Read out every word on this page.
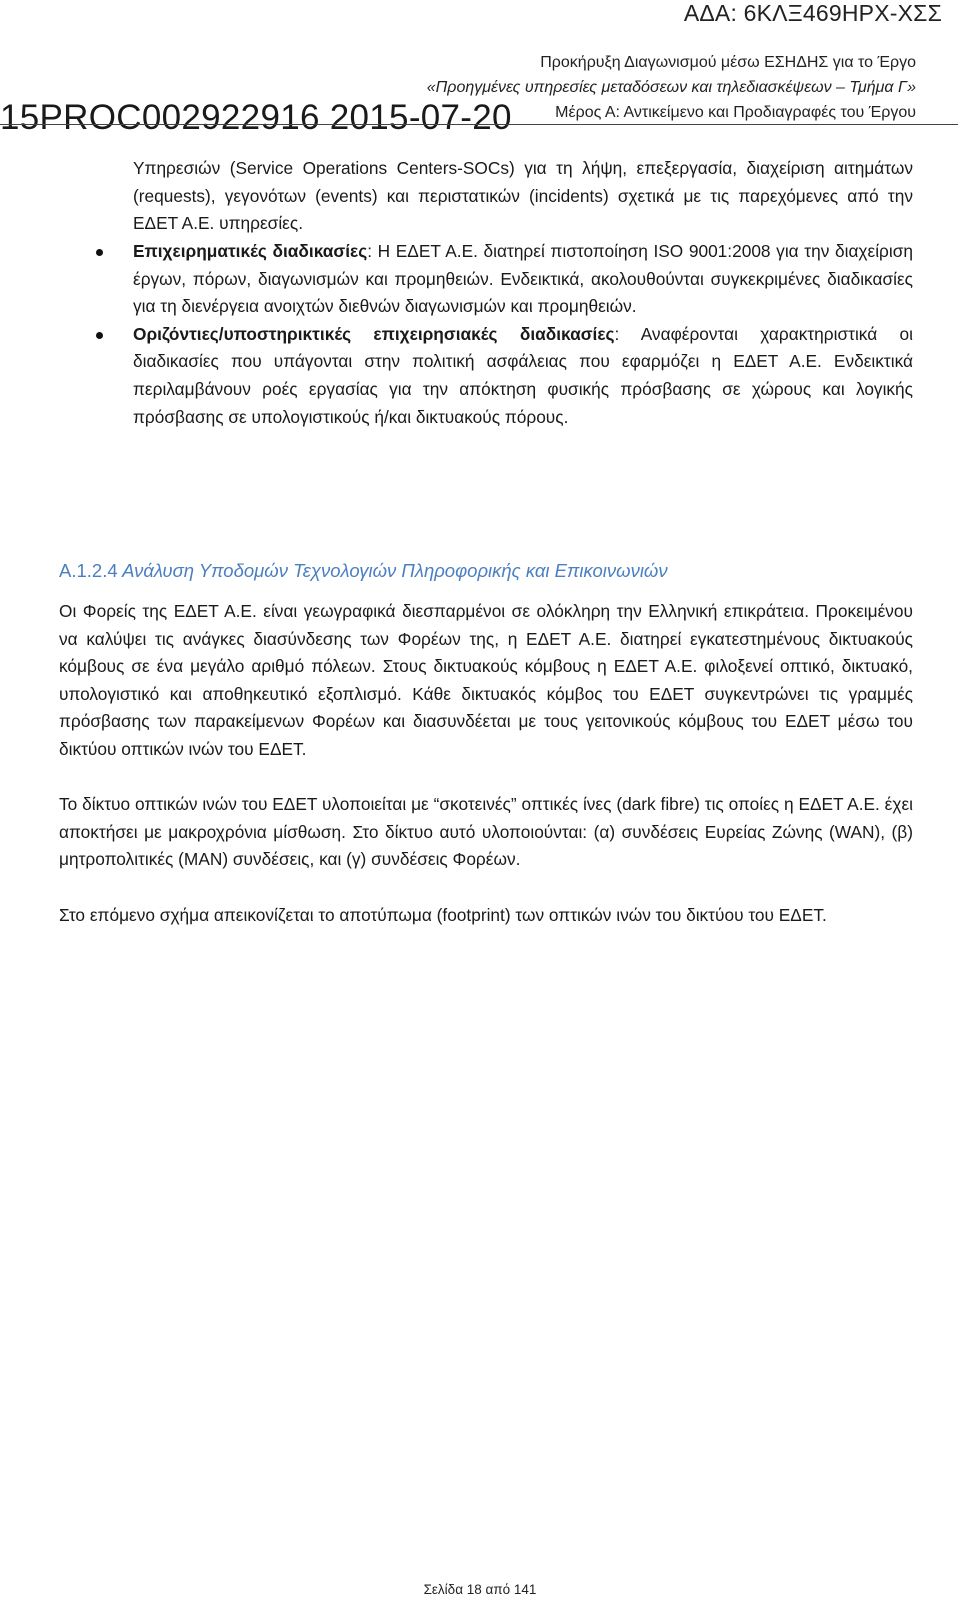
ΑΔΑ: 6ΚΛΞ469ΗΡΧ-ΧΣΣ
Προκήρυξη Διαγωνισμού μέσω ΕΣΗΔΗΣ για το Έργο
«Προηγμένες υπηρεσίες μεταδόσεων και τηλεδιασκέψεων – Τμήμα Γ»
Μέρος Α: Αντικείμενο και Προδιαγραφές του Έργου
15PROC002922916 2015-07-20
Υπηρεσιών (Service Operations Centers-SOCs) για τη λήψη, επεξεργασία, διαχείριση αιτημάτων (requests), γεγονότων (events) και περιστατικών (incidents) σχετικά με τις παρεχόμενες από την ΕΔΕΤ Α.Ε. υπηρεσίες.
Επιχειρηματικές διαδικασίες: Η ΕΔΕΤ Α.Ε. διατηρεί πιστοποίηση ISO 9001:2008 για την διαχείριση έργων, πόρων, διαγωνισμών και προμηθειών. Ενδεικτικά, ακολουθούνται συγκεκριμένες διαδικασίες για τη διενέργεια ανοιχτών διεθνών διαγωνισμών και προμηθειών.
Οριζόντιες/υποστηρικτικές επιχειρησιακές διαδικασίες: Αναφέρονται χαρακτηριστικά οι διαδικασίες που υπάγονται στην πολιτική ασφάλειας που εφαρμόζει η ΕΔΕΤ Α.Ε. Ενδεικτικά περιλαμβάνουν ροές εργασίας για την απόκτηση φυσικής πρόσβασης σε χώρους και λογικής πρόσβασης σε υπολογιστικούς ή/και δικτυακούς πόρους.
Α.1.2.4 Ανάλυση Υποδομών Τεχνολογιών Πληροφορικής και Επικοινωνιών

Οι Φορείς της ΕΔΕΤ Α.Ε. είναι γεωγραφικά διεσπαρμένοι σε ολόκληρη την Ελληνική επικράτεια. Προκειμένου να καλύψει τις ανάγκες διασύνδεσης των Φορέων της, η ΕΔΕΤ Α.Ε. διατηρεί εγκατεστημένους δικτυακούς κόμβους σε ένα μεγάλο αριθμό πόλεων. Στους δικτυακούς κόμβους η ΕΔΕΤ Α.Ε. φιλοξενεί οπτικό, δικτυακό, υπολογιστικό και αποθηκευτικό εξοπλισμό. Κάθε δικτυακός κόμβος του ΕΔΕΤ συγκεντρώνει τις γραμμές πρόσβασης των παρακείμενων Φορέων και διασυνδέεται με τους γειτονικούς κόμβους του ΕΔΕΤ μέσω του δικτύου οπτικών ινών του ΕΔΕΤ.

Το δίκτυο οπτικών ινών του ΕΔΕΤ υλοποιείται με “σκοτεινές” οπτικές ίνες (dark fibre) τις οποίες η ΕΔΕΤ Α.Ε. έχει αποκτήσει με μακροχρόνια μίσθωση. Στο δίκτυο αυτό υλοποιούνται: (α) συνδέσεις Ευρείας Ζώνης (WAN), (β) μητροπολιτικές (MAN) συνδέσεις, και (γ) συνδέσεις Φορέων.

Στο επόμενο σχήμα απεικονίζεται το αποτύπωμα (footprint) των οπτικών ινών του δικτύου του ΕΔΕΤ.

Σελίδα 18 από 141
